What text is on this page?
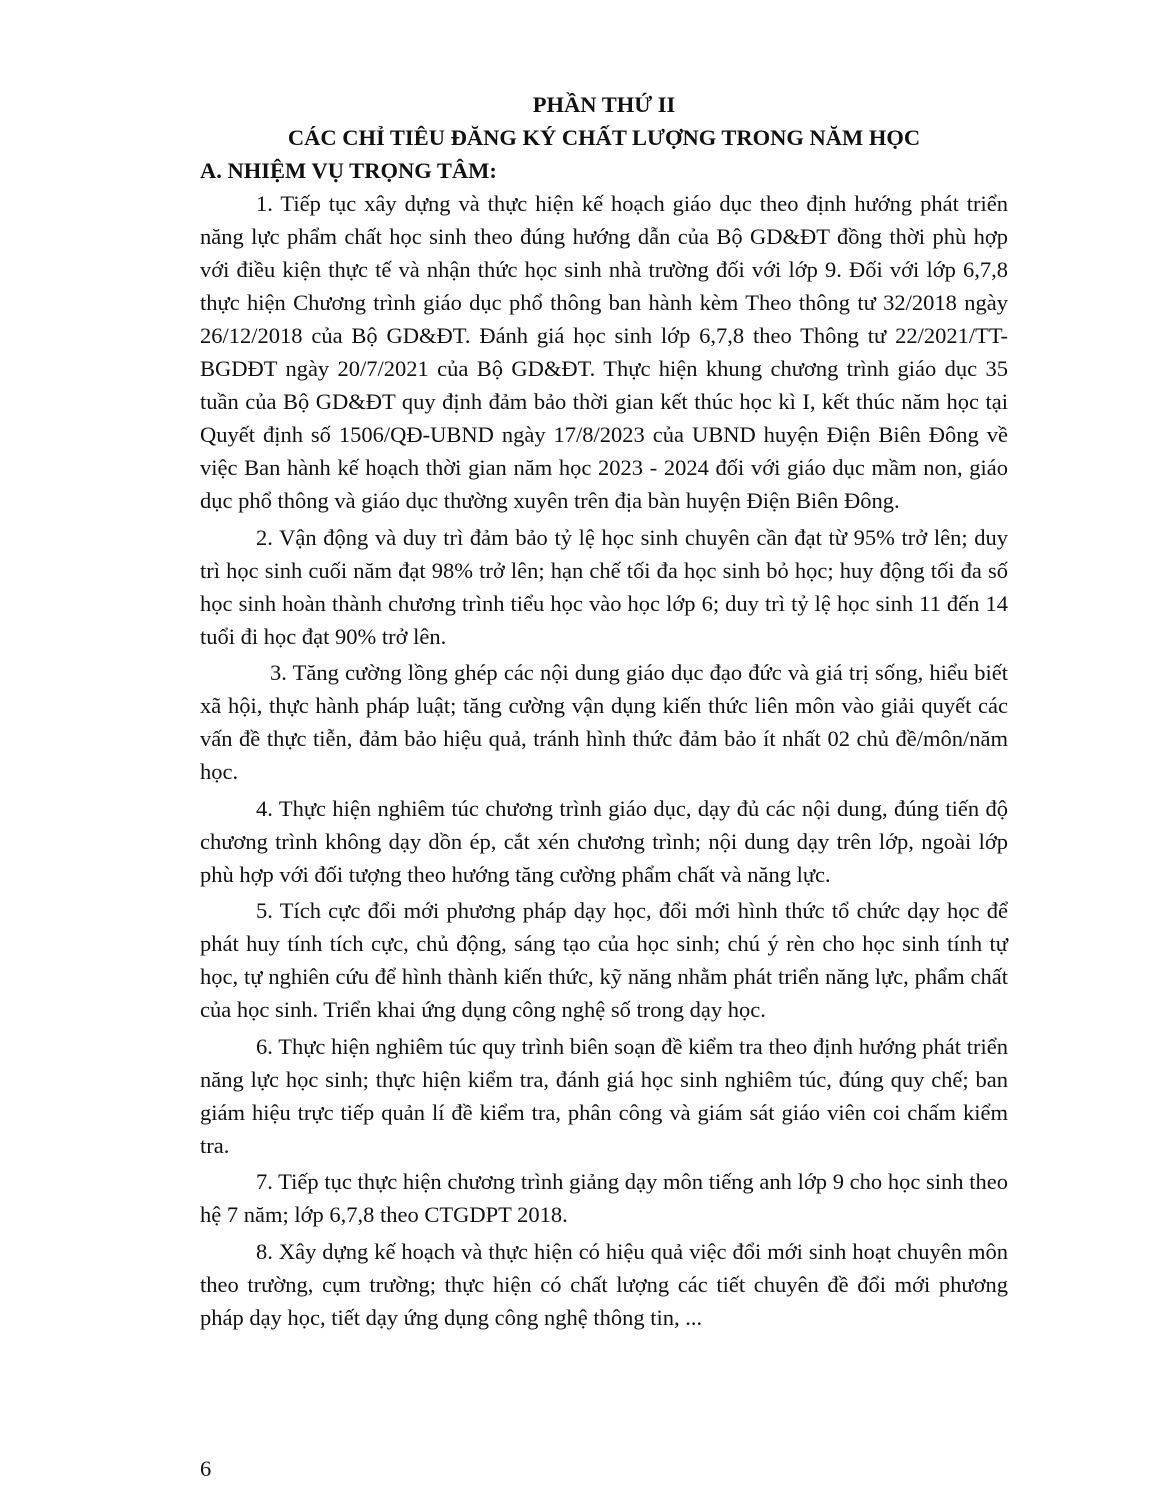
PHẦN THỨ II

CÁC CHỈ TIÊU ĐĂNG KÝ CHẤT LƯỢNG TRONG NĂM HỌC

A. NHIỆM VỤ TRỌNG TÂM:

1. Tiếp tục xây dựng và thực hiện kế hoạch giáo dục theo định hướng phát triển năng lực phẩm chất học sinh theo đúng hướng dẫn của Bộ GD&ĐT đồng thời phù hợp với điều kiện thực tế và nhận thức học sinh nhà trường đối với lớp 9. Đối với lớp 6,7,8 thực hiện Chương trình giáo dục phổ thông ban hành kèm Theo thông tư 32/2018 ngày 26/12/2018 của Bộ GD&ĐT. Đánh giá học sinh lớp 6,7,8 theo Thông tư 22/2021/TT-BGDĐT ngày 20/7/2021 của Bộ GD&ĐT. Thực hiện khung chương trình giáo dục 35 tuần của Bộ GD&ĐT quy định đảm bảo thời gian kết thúc học kì I, kết thúc năm học tại Quyết định số 1506/QĐ-UBND ngày 17/8/2023 của UBND huyện Điện Biên Đông về việc Ban hành kế hoạch thời gian năm học 2023 - 2024 đối với giáo dục mầm non, giáo dục phổ thông và giáo dục thường xuyên trên địa bàn huyện Điện Biên Đông.

2. Vận động và duy trì đảm bảo tỷ lệ học sinh chuyên cần đạt từ 95% trở lên; duy trì học sinh cuối năm đạt 98% trở lên; hạn chế tối đa học sinh bỏ học; huy động tối đa số học sinh hoàn thành chương trình tiểu học vào học lớp 6; duy trì tỷ lệ học sinh 11 đến 14 tuổi đi học đạt 90% trở lên.

3. Tăng cường lồng ghép các nội dung giáo dục đạo đức và giá trị sống, hiểu biết xã hội, thực hành pháp luật; tăng cường vận dụng kiến thức liên môn vào giải quyết các vấn đề thực tiễn, đảm bảo hiệu quả, tránh hình thức đảm bảo ít nhất 02 chủ đề/môn/năm học.

4. Thực hiện nghiêm túc chương trình giáo dục, dạy đủ các nội dung, đúng tiến độ chương trình không dạy dồn ép, cắt xén chương trình; nội dung dạy trên lớp, ngoài lớp phù hợp với đối tượng theo hướng tăng cường phẩm chất và năng lực.

5. Tích cực đổi mới phương pháp dạy học, đổi mới hình thức tổ chức dạy học để phát huy tính tích cực, chủ động, sáng tạo của học sinh; chú ý rèn cho học sinh tính tự học, tự nghiên cứu để hình thành kiến thức, kỹ năng nhằm phát triển năng lực, phẩm chất của học sinh. Triển khai ứng dụng công nghệ số trong dạy học.

6. Thực hiện nghiêm túc quy trình biên soạn đề kiểm tra theo định hướng phát triển năng lực học sinh; thực hiện kiểm tra, đánh giá học sinh nghiêm túc, đúng quy chế; ban giám hiệu trực tiếp quản lí đề kiểm tra, phân công và giám sát giáo viên coi chấm kiểm tra.

7. Tiếp tục thực hiện chương trình giảng dạy môn tiếng anh lớp 9 cho học sinh theo hệ 7 năm; lớp 6,7,8 theo CTGDPT 2018.

8. Xây dựng kế hoạch và thực hiện có hiệu quả việc đổi mới sinh hoạt chuyên môn theo trường, cụm trường; thực hiện có chất lượng các tiết chuyên đề đổi mới phương pháp dạy học, tiết dạy ứng dụng công nghệ thông tin, ...

6
